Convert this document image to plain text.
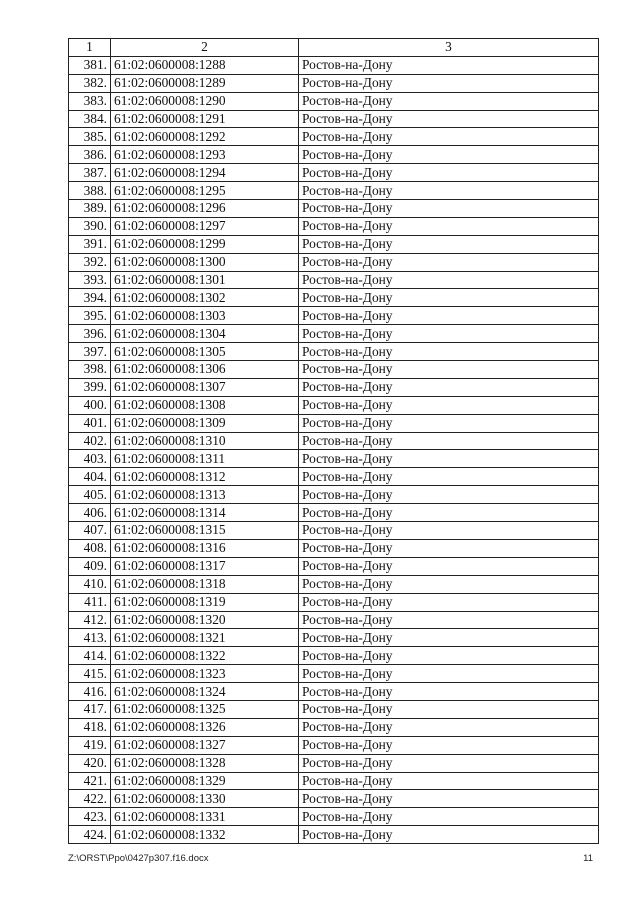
1	2	3
381.	61:02:0600008:1288	Ростов-на-Дону
382.	61:02:0600008:1289	Ростов-на-Дону
383.	61:02:0600008:1290	Ростов-на-Дону
384.	61:02:0600008:1291	Ростов-на-Дону
385.	61:02:0600008:1292	Ростов-на-Дону
386.	61:02:0600008:1293	Ростов-на-Дону
387.	61:02:0600008:1294	Ростов-на-Дону
388.	61:02:0600008:1295	Ростов-на-Дону
389.	61:02:0600008:1296	Ростов-на-Дону
390.	61:02:0600008:1297	Ростов-на-Дону
391.	61:02:0600008:1299	Ростов-на-Дону
392.	61:02:0600008:1300	Ростов-на-Дону
393.	61:02:0600008:1301	Ростов-на-Дону
394.	61:02:0600008:1302	Ростов-на-Дону
395.	61:02:0600008:1303	Ростов-на-Дону
396.	61:02:0600008:1304	Ростов-на-Дону
397.	61:02:0600008:1305	Ростов-на-Дону
398.	61:02:0600008:1306	Ростов-на-Дону
399.	61:02:0600008:1307	Ростов-на-Дону
400.	61:02:0600008:1308	Ростов-на-Дону
401.	61:02:0600008:1309	Ростов-на-Дону
402.	61:02:0600008:1310	Ростов-на-Дону
403.	61:02:0600008:1311	Ростов-на-Дону
404.	61:02:0600008:1312	Ростов-на-Дону
405.	61:02:0600008:1313	Ростов-на-Дону
406.	61:02:0600008:1314	Ростов-на-Дону
407.	61:02:0600008:1315	Ростов-на-Дону
408.	61:02:0600008:1316	Ростов-на-Дону
409.	61:02:0600008:1317	Ростов-на-Дону
410.	61:02:0600008:1318	Ростов-на-Дону
411.	61:02:0600008:1319	Ростов-на-Дону
412.	61:02:0600008:1320	Ростов-на-Дону
413.	61:02:0600008:1321	Ростов-на-Дону
414.	61:02:0600008:1322	Ростов-на-Дону
415.	61:02:0600008:1323	Ростов-на-Дону
416.	61:02:0600008:1324	Ростов-на-Дону
417.	61:02:0600008:1325	Ростов-на-Дону
418.	61:02:0600008:1326	Ростов-на-Дону
419.	61:02:0600008:1327	Ростов-на-Дону
420.	61:02:0600008:1328	Ростов-на-Дону
421.	61:02:0600008:1329	Ростов-на-Дону
422.	61:02:0600008:1330	Ростов-на-Дону
423.	61:02:0600008:1331	Ростов-на-Дону
424.	61:02:0600008:1332	Ростов-на-Дону
Z:\ORST\Ppo\0427p307.f16.docx	11
